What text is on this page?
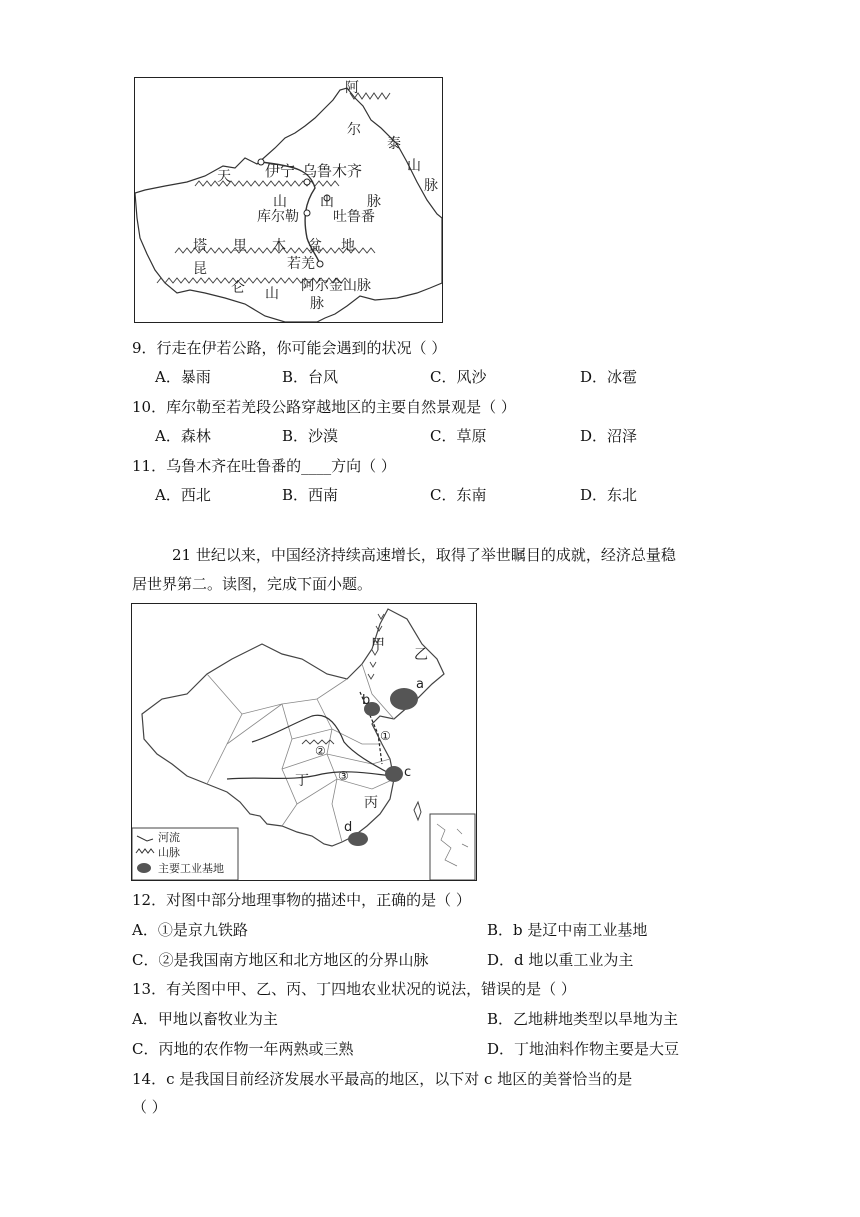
阿
尔
泰
山
脉
天 伊宁 乌鲁木齐
山 山 脉
库尔勒 吐鲁番
塔 里 木 盆 地
若羌
昆
仑 山 阿尔金山脉
脉
9．行走在伊若公路，你可能会遇到的状况（ ）
A．暴雨	B．台风	C．风沙	D．冰雹
10．库尔勒至若羌段公路穿越地区的主要自然景观是（ ）
A．森林	B．沙漠	C．草原	D．沼泽
11．乌鲁木齐在吐鲁番的____方向（ ）
A．西北	B．西南	C．东南	D．东北
21 世纪以来，中国经济持续高速增长，取得了举世瞩目的成就，经济总量稳
居世界第二。读图，完成下面小题。
甲
乙
a
b
c
d
①
②
③
丙
丁
河流
山脉
主要工业基地
12．对图中部分地理事物的描述中，正确的是（ ）
A．①是京九铁路	B．b 是辽中南工业基地
C．②是我国南方地区和北方地区的分界山脉	D．d 地以重工业为主
13．有关图中甲、乙、丙、丁四地农业状况的说法，错误的是（ ）
A．甲地以畜牧业为主	B．乙地耕地类型以旱地为主
C．丙地的农作物一年两熟或三熟	D．丁地油料作物主要是大豆
14．c 是我国目前经济发展水平最高的地区，以下对 c 地区的美誉恰当的是
（ ）
